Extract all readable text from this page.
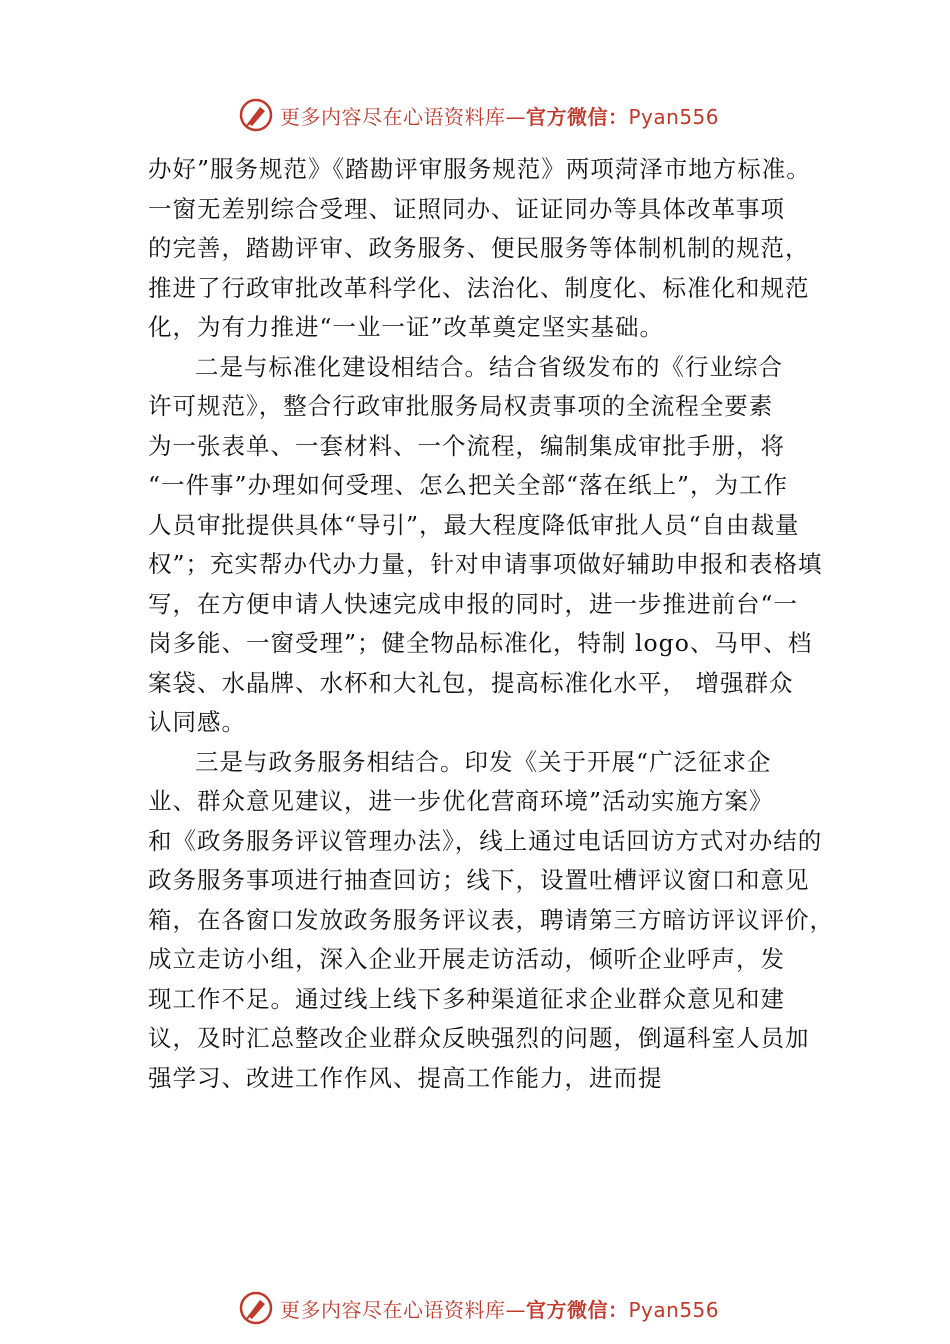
更多内容尽在心语资料库—官方微信：Pyan556
办好”服务规范》《踏勘评审服务规范》两项菏泽市地方标准。
一窗无差别综合受理、证照同办、证证同办等具体改革事项
的完善，踏勘评审、政务服务、便民服务等体制机制的规范，
推进了行政审批改革科学化、法治化、制度化、标准化和规范
化，为有力推进“一业一证”改革奠定坚实基础。
二是与标准化建设相结合。结合省级发布的《行业综合
许可规范》，整合行政审批服务局权责事项的全流程全要素
为一张表单、一套材料、一个流程，编制集成审批手册，将
“一件事”办理如何受理、怎么把关全部“落在纸上”，为工作
人员审批提供具体“导引”，最大程度降低审批人员“自由裁量
权”；充实帮办代办力量，针对申请事项做好辅助申报和表格填
写，在方便申请人快速完成申报的同时，进一步推进前台“一
岗多能、一窗受理”；健全物品标准化，特制 logo、马甲、档
案袋、水晶牌、水杯和大礼包，提高标准化水平， 增强群众
认同感。
三是与政务服务相结合。印发《关于开展“广泛征求企
业、群众意见建议，进一步优化营商环境”活动实施方案》
和《政务服务评议管理办法》，线上通过电话回访方式对办结的
政务服务事项进行抽查回访；线下，设置吐槽评议窗口和意见
箱，在各窗口发放政务服务评议表，聘请第三方暗访评议评价，
成立走访小组，深入企业开展走访活动，倾听企业呼声，发
现工作不足。通过线上线下多种渠道征求企业群众意见和建
议，及时汇总整改企业群众反映强烈的问题，倒逼科室人员加
强学习、改进工作作风、提高工作能力，进而提
更多内容尽在心语资料库—官方微信：Pyan556
